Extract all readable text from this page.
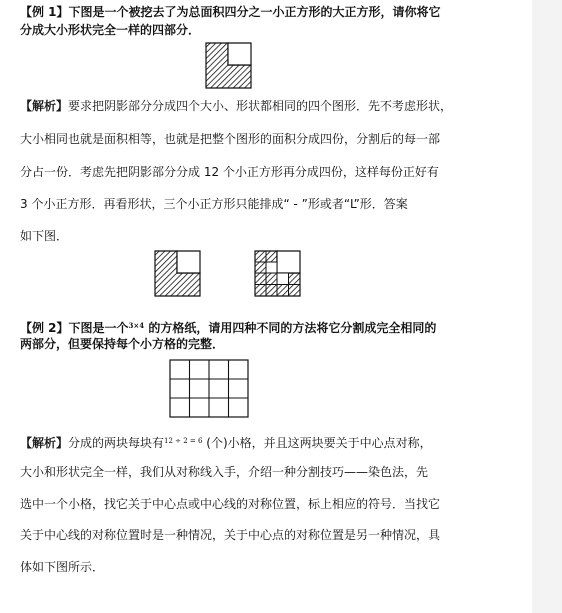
【例 1】下图是一个被挖去了为总面积四分之一小正方形的大正方形，请你将它

分成大小形状完全一样的四部分．

【解析】要求把阴影部分分成四个大小、形状都相同的四个图形．先不考虑形状，

大小相同也就是面积相等，也就是把整个图形的面积分成四份，分割后的每一部

分占一份．考虑先把阴影部分分成 12 个小正方形再分成四份，这样每份正好有

3 个小正方形．再看形状，三个小正方形只能排成“ - ”形或者“L”形．答案

如下图．

【例 2】下图是一个$^{3\times 4}$ 的方格纸，请用四种不同的方法将它分割成完全相同的

两部分，但要保持每个小方格的完整．

【解析】分成的两块每块有$^{12 \div 2 = 6}$ (个)小格，并且这两块要关于中心点对称，

大小和形状完全一样，我们从对称线入手，介绍一种分割技巧——染色法，先

选中一个小格，找它关于中心点或中心线的对称位置，标上相应的符号．当找它

关于中心线的对称位置时是一种情况，关于中心点的对称位置是另一种情况，具

体如下图所示．
